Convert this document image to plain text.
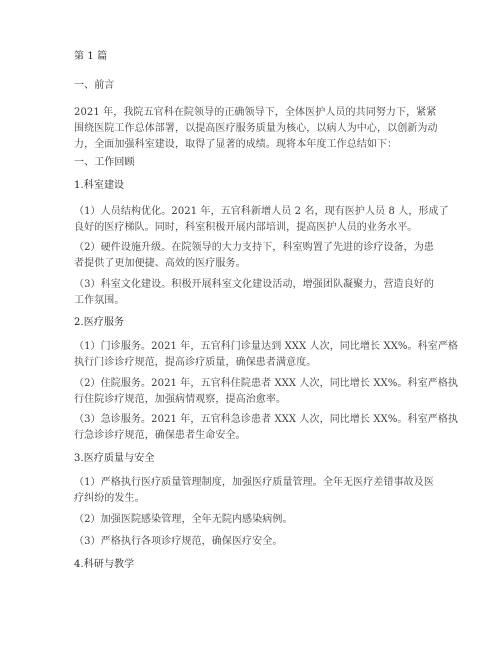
第 1 篇
一、前言
2021 年，我院五官科在院领导的正确领导下，全体医护人员的共同努力下，紧紧
围绕医院工作总体部署，以提高医疗服务质量为核心，以病人为中心，以创新为动
力，全面加强科室建设，取得了显著的成绩。现将本年度工作总结如下：
一、工作回顾
1.科室建设
（1）人员结构优化。2021 年，五官科新增人员 2 名，现有医护人员 8 人，形成了
良好的医疗梯队。同时，科室积极开展内部培训，提高医护人员的业务水平。
（2）硬件设施升级。在院领导的大力支持下，科室购置了先进的诊疗设备，为患
者提供了更加便捷、高效的医疗服务。
（3）科室文化建设。积极开展科室文化建设活动，增强团队凝聚力，营造良好的
工作氛围。
2.医疗服务
（1）门诊服务。2021 年，五官科门诊量达到 XXX 人次，同比增长 XX%。科室严格
执行门诊诊疗规范，提高诊疗质量，确保患者满意度。
（2）住院服务。2021 年，五官科住院患者 XXX 人次，同比增长 XX%。科室严格执
行住院诊疗规范，加强病情观察，提高治愈率。
（3）急诊服务。2021 年，五官科急诊患者 XXX 人次，同比增长 XX%。科室严格执
行急诊诊疗规范，确保患者生命安全。
3.医疗质量与安全
（1）严格执行医疗质量管理制度，加强医疗质量管理。全年无医疗差错事故及医
疗纠纷的发生。
（2）加强医院感染管理，全年无院内感染病例。
（3）严格执行各项诊疗规范，确保医疗安全。
4.科研与教学
